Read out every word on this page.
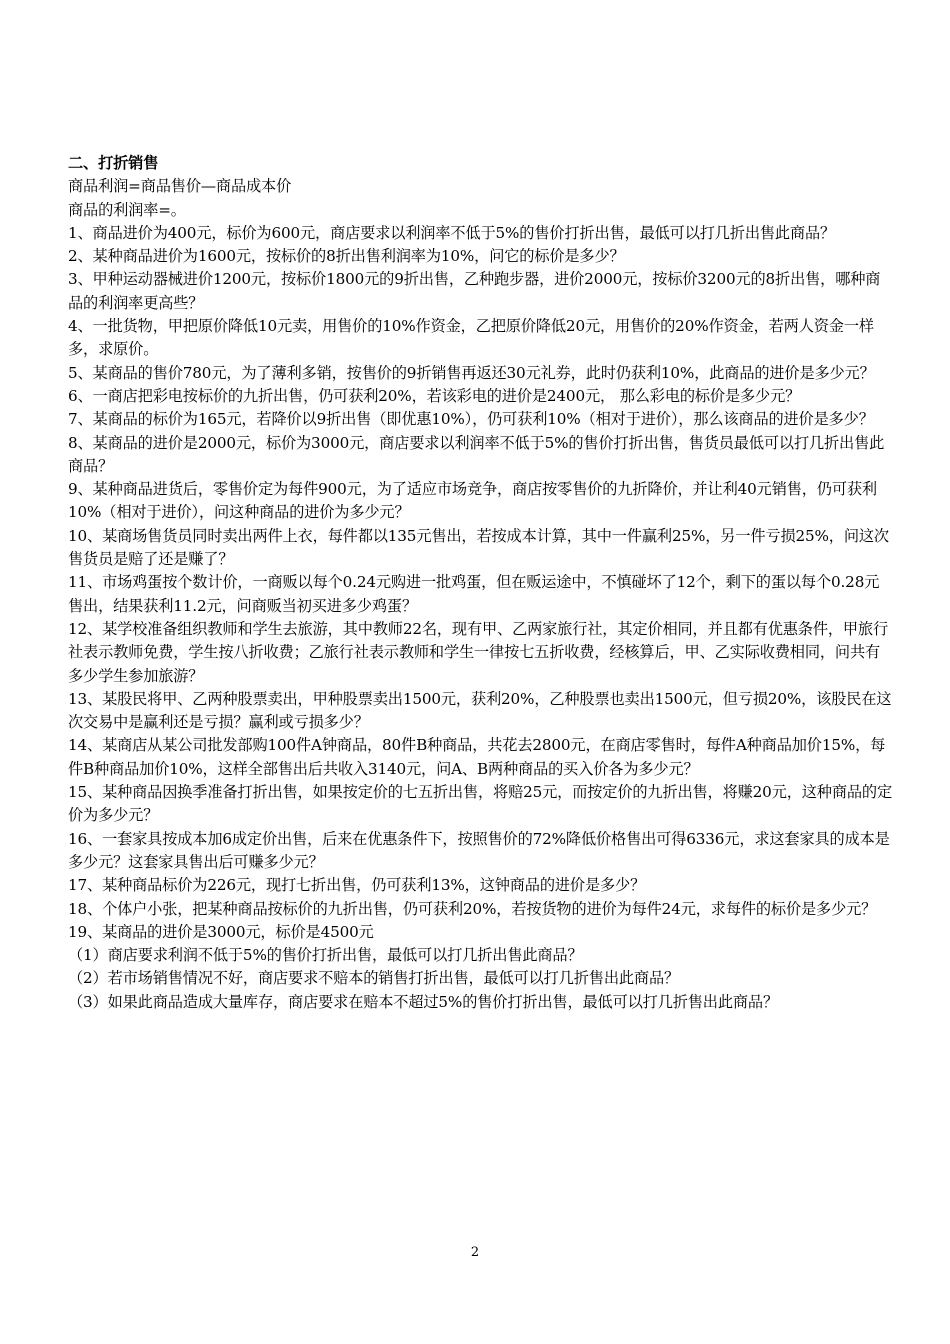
二、打折销售

商品利润=商品售价—商品成本价

商品的利润率=。

1、商品进价为400元，标价为600元，商店要求以利润率不低于5%的售价打折出售，最低可以打几折出售此商品？

2、某种商品进价为1600元，按标价的8折出售利润率为10%，问它的标价是多少？

3、甲种运动器械进价1200元，按标价1800元的9折出售，乙种跑步器，进价2000元，按标价3200元的8折出售，哪种商品的利润率更高些？

4、一批货物，甲把原价降低10元卖，用售价的10%作资金，乙把原价降低20元，用售价的20%作资金，若两人资金一样多，求原价。

5、某商品的售价780元，为了薄利多销，按售价的9折销售再返还30元礼券，此时仍获利10%，此商品的进价是多少元？

6、一商店把彩电按标价的九折出售，仍可获利20%，若该彩电的进价是2400元， 那么彩电的标价是多少元？

7、某商品的标价为165元，若降价以9折出售（即优惠10%），仍可获利10%（相对于进价），那么该商品的进价是多少？

8、某商品的进价是2000元，标价为3000元，商店要求以利润率不低于5%的售价打折出售，售货员最低可以打几折出售此商品？

9、某种商品进货后，零售价定为每件900元，为了适应市场竞争，商店按零售价的九折降价，并让利40元销售，仍可获利10%（相对于进价），问这种商品的进价为多少元？

10、某商场售货员同时卖出两件上衣，每件都以135元售出，若按成本计算，其中一件赢利25%，另一件亏损25%，问这次售货员是赔了还是赚了？

11、市场鸡蛋按个数计价，一商贩以每个0.24元购进一批鸡蛋，但在贩运途中，不慎碰坏了12个，剩下的蛋以每个0.28元售出，结果获利11.2元，问商贩当初买进多少鸡蛋？

12、某学校准备组织教师和学生去旅游，其中教师22名，现有甲、乙两家旅行社，其定价相同，并且都有优惠条件，甲旅行社表示教师免费，学生按八折收费；乙旅行社表示教师和学生一律按七五折收费，经核算后，甲、乙实际收费相同，问共有多少学生参加旅游？

13、某股民将甲、乙两种股票卖出，甲种股票卖出1500元，获利20%，乙种股票也卖出1500元，但亏损20%，该股民在这次交易中是赢利还是亏损？赢利或亏损多少？

14、某商店从某公司批发部购100件A钟商品，80件B种商品，共花去2800元，在商店零售时，每件A种商品加价15%，每件B种商品加价10%，这样全部售出后共收入3140元，问A、B两种商品的买入价各为多少元？

15、某种商品因换季准备打折出售，如果按定价的七五折出售，将赔25元，而按定价的九折出售，将赚20元，这种商品的定价为多少元？

16、一套家具按成本加6成定价出售，后来在优惠条件下，按照售价的72%降低价格售出可得6336元，求这套家具的成本是多少元？这套家具售出后可赚多少元？

17、某种商品标价为226元，现打七折出售，仍可获利13%，这钟商品的进价是多少？

18、个体户小张，把某种商品按标价的九折出售，仍可获利20%，若按货物的进价为每件24元，求每件的标价是多少元？

19、某商品的进价是3000元，标价是4500元

（1）商店要求利润不低于5%的售价打折出售，最低可以打几折出售此商品？

（2）若市场销售情况不好，商店要求不赔本的销售打折出售，最低可以打几折售出此商品？

（3）如果此商品造成大量库存，商店要求在赔本不超过5%的售价打折出售，最低可以打几折售出此商品？

2
